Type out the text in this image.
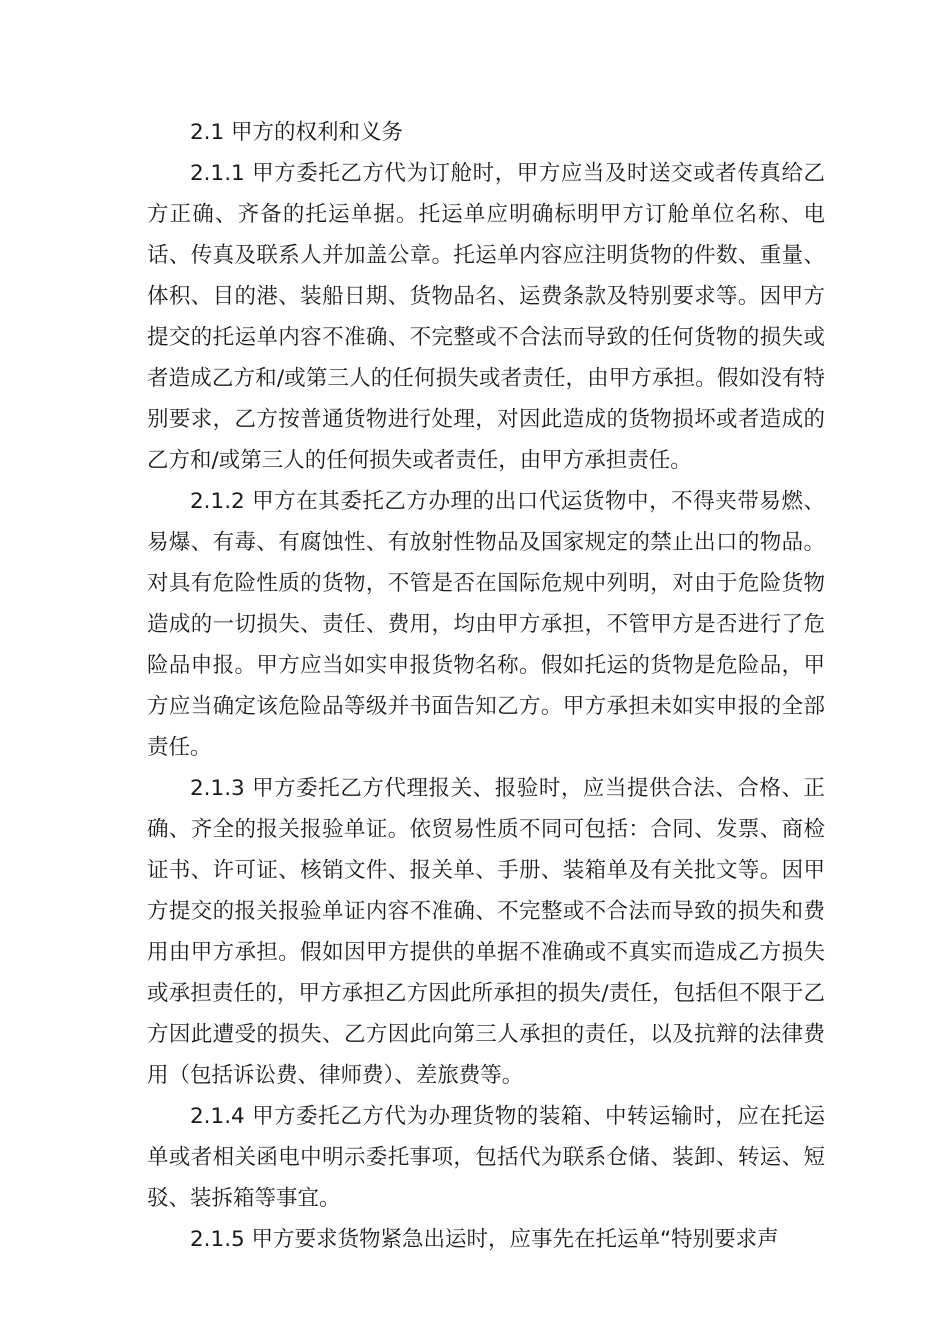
2.1 甲方的权利和义务

2.1.1 甲方委托乙方代为订舱时，甲方应当及时送交或者传真给乙方正确、齐备的托运单据。托运单应明确标明甲方订舱单位名称、电话、传真及联系人并加盖公章。托运单内容应注明货物的件数、重量、体积、目的港、装船日期、货物品名、运费条款及特别要求等。因甲方提交的托运单内容不准确、不完整或不合法而导致的任何货物的损失或者造成乙方和/或第三人的任何损失或者责任，由甲方承担。假如没有特别要求，乙方按普通货物进行处理，对因此造成的货物损坏或者造成的乙方和/或第三人的任何损失或者责任，由甲方承担责任。

2.1.2 甲方在其委托乙方办理的出口代运货物中，不得夹带易燃、易爆、有毒、有腐蚀性、有放射性物品及国家规定的禁止出口的物品。对具有危险性质的货物，不管是否在国际危规中列明，对由于危险货物造成的一切损失、责任、费用，均由甲方承担，不管甲方是否进行了危险品申报。甲方应当如实申报货物名称。假如托运的货物是危险品，甲方应当确定该危险品等级并书面告知乙方。甲方承担未如实申报的全部责任。

2.1.3 甲方委托乙方代理报关、报验时，应当提供合法、合格、正确、齐全的报关报验单证。依贸易性质不同可包括：合同、发票、商检证书、许可证、核销文件、报关单、手册、装箱单及有关批文等。因甲方提交的报关报验单证内容不准确、不完整或不合法而导致的损失和费用由甲方承担。假如因甲方提供的单据不准确或不真实而造成乙方损失或承担责任的，甲方承担乙方因此所承担的损失/责任，包括但不限于乙方因此遭受的损失、乙方因此向第三人承担的责任，以及抗辩的法律费用（包括诉讼费、律师费）、差旅费等。

2.1.4 甲方委托乙方代为办理货物的装箱、中转运输时，应在托运单或者相关函电中明示委托事项，包括代为联系仓储、装卸、转运、短驳、装拆箱等事宜。

2.1.5 甲方要求货物紧急出运时，应事先在托运单“特别要求声
